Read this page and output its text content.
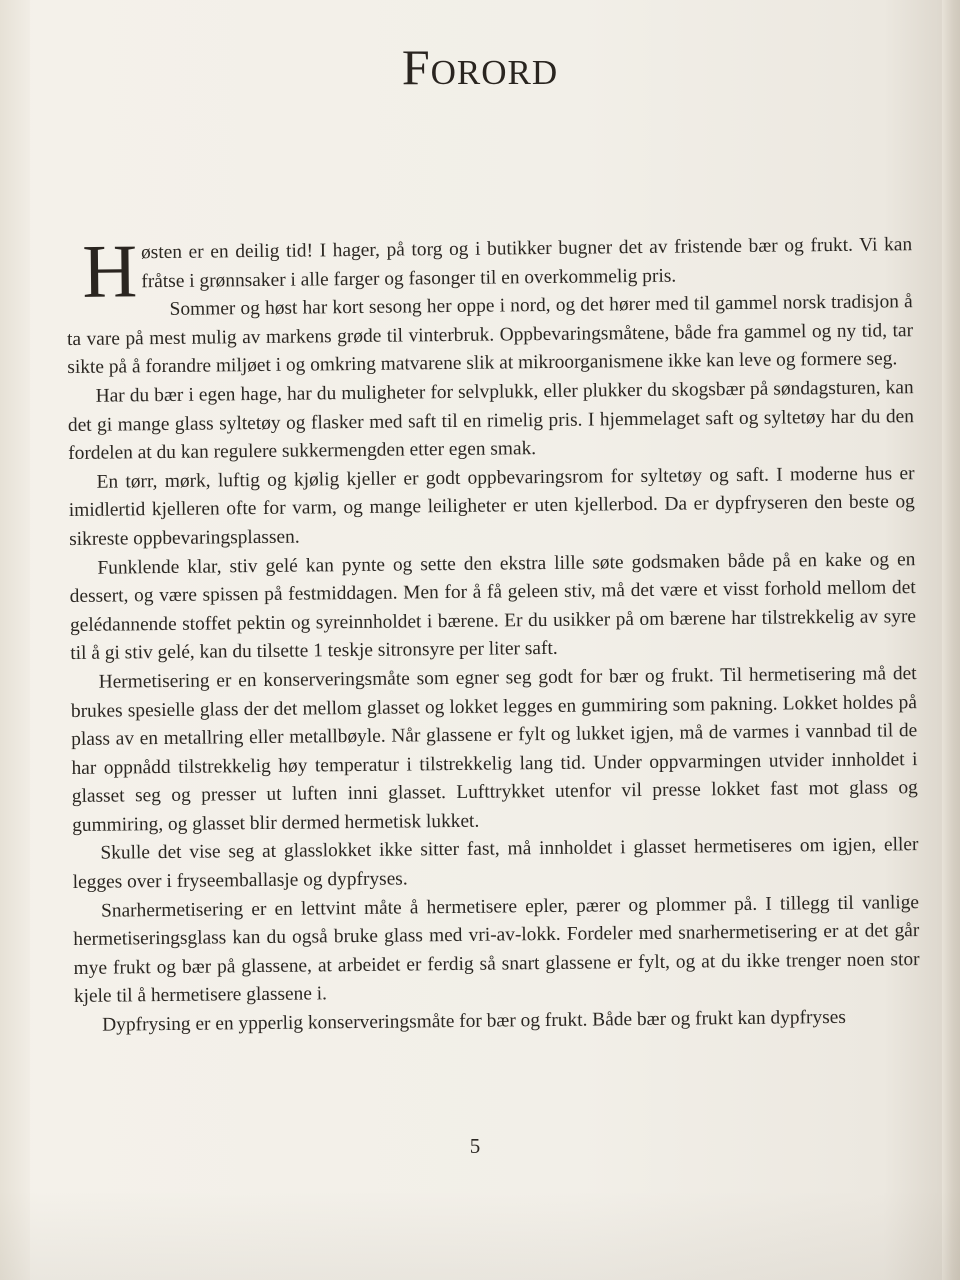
Forord

Høsten er en deilig tid! I hager, på torg og i butikker bugner det av fristende bær og frukt. Vi kan fråtse i grønnsaker i alle farger og fasonger til en overkommelig pris.

Sommer og høst har kort sesong her oppe i nord, og det hører med til gammel norsk tradisjon å ta vare på mest mulig av markens grøde til vinterbruk. Oppbevaringsmåtene, både fra gammel og ny tid, tar sikte på å forandre miljøet i og omkring matvarene slik at mikroorganismene ikke kan leve og formere seg.

Har du bær i egen hage, har du muligheter for selvplukk, eller plukker du skogsbær på søndagsturen, kan det gi mange glass syltetøy og flasker med saft til en rimelig pris. I hjemmelaget saft og syltetøy har du den fordelen at du kan regulere sukkermengden etter egen smak.

En tørr, mørk, luftig og kjølig kjeller er godt oppbevaringsrom for syltetøy og saft. I moderne hus er imidlertid kjelleren ofte for varm, og mange leiligheter er uten kjellerbod. Da er dypfryseren den beste og sikreste oppbevaringsplassen.

Funklende klar, stiv gelé kan pynte og sette den ekstra lille søte godsmaken både på en kake og en dessert, og være spissen på festmiddagen. Men for å få geleen stiv, må det være et visst forhold mellom det gelédannende stoffet pektin og syreinnholdet i bærene. Er du usikker på om bærene har tilstrekkelig av syre til å gi stiv gelé, kan du tilsette 1 teskje sitronsyre per liter saft.

Hermetisering er en konserveringsmåte som egner seg godt for bær og frukt. Til hermetisering må det brukes spesielle glass der det mellom glasset og lokket legges en gummiring som pakning. Lokket holdes på plass av en metallring eller metallbøyle. Når glassene er fylt og lukket igjen, må de varmes i vannbad til de har oppnådd tilstrekkelig høy temperatur i tilstrekkelig lang tid. Under oppvarmingen utvider innholdet i glasset seg og presser ut luften inni glasset. Lufttrykket utenfor vil presse lokket fast mot glass og gummiring, og glasset blir dermed hermetisk lukket.

Skulle det vise seg at glasslokket ikke sitter fast, må innholdet i glasset hermetiseres om igjen, eller legges over i fryseemballasje og dypfryses.

Snarhermetisering er en lettvint måte å hermetisere epler, pærer og plommer på. I tillegg til vanlige hermetiseringsglass kan du også bruke glass med vri-av-lokk. Fordeler med snarhermetisering er at det går mye frukt og bær på glassene, at arbeidet er ferdig så snart glassene er fylt, og at du ikke trenger noen stor kjele til å hermetisere glassene i.

Dypfrysing er en ypperlig konserveringsmåte for bær og frukt. Både bær og frukt kan dypfryses

5
